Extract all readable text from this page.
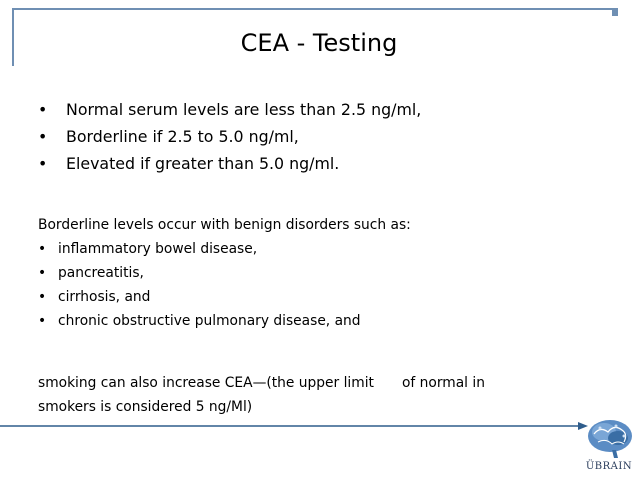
CEA - Testing
• Normal serum levels are less than 2.5 ng/ml,
• Borderline if 2.5 to 5.0 ng/ml,
• Elevated if greater than 5.0 ng/ml.
Borderline levels occur with benign disorders such as:
• inflammatory bowel disease,
• pancreatitis,
• cirrhosis, and
• chronic obstructive pulmonary disease, and
smoking can also increase CEA—(the upper limit of normal in
smokers is considered 5 ng/Ml)
ÜBRAIN
